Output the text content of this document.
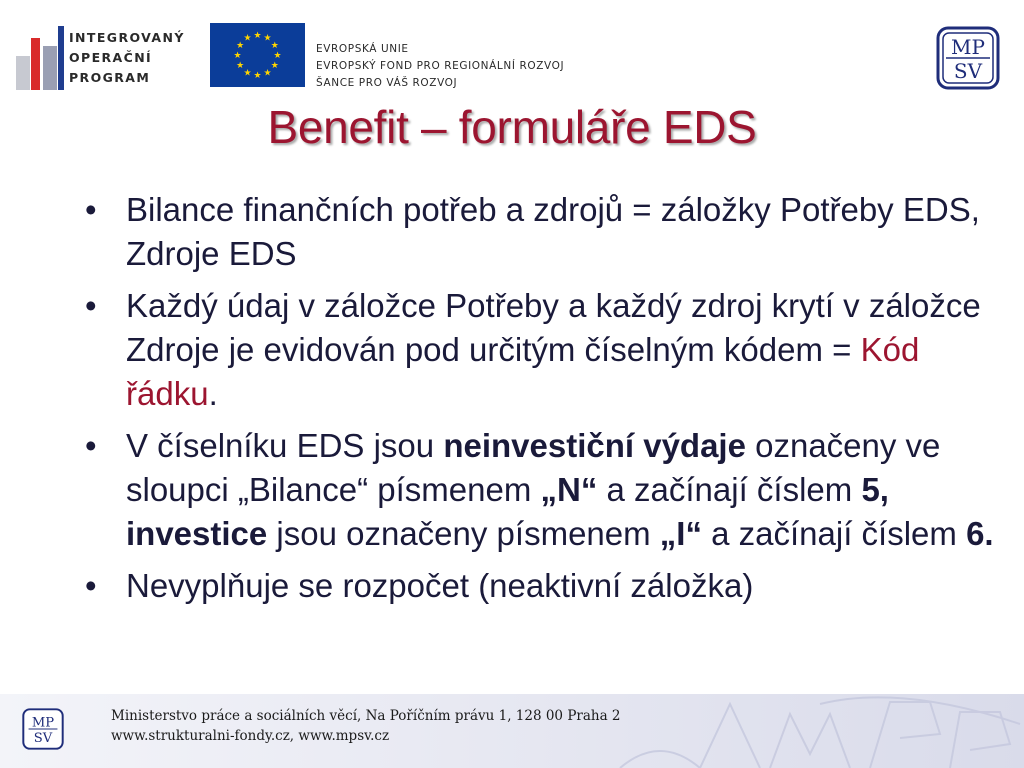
INTEGROVANÝ
OPERAČNÍ
PROGRAM
★ ★
★
★
★
★
★
★
★
★
★
★
EVROPSKÁ UNIE
EVROPSKÝ FOND PRO REGIONÁLNÍ ROZVOJ
ŠANCE PRO VÁŠ ROZVOJ
MP
SV
Benefit – formuláře EDS
• Bilance finančních potřeb a zdrojů = záložky Potřeby EDS, Zdroje EDS
• Každý údaj v záložce Potřeby a každý zdroj krytí v záložce Zdroje je evidován pod určitým číselným kódem = Kód řádku.
• V číselníku EDS jsou neinvestiční výdaje označeny ve sloupci „Bilance“ písmenem „N“ a začínají číslem 5, investice jsou označeny písmenem „I“ a začínají číslem 6.
• Nevyplňuje se rozpočet (neaktivní záložka)
MP
SV
Ministerstvo práce a sociálních věcí, Na Poříčním právu 1, 128 00 Praha 2
www.strukturalni-fondy.cz, www.mpsv.cz
